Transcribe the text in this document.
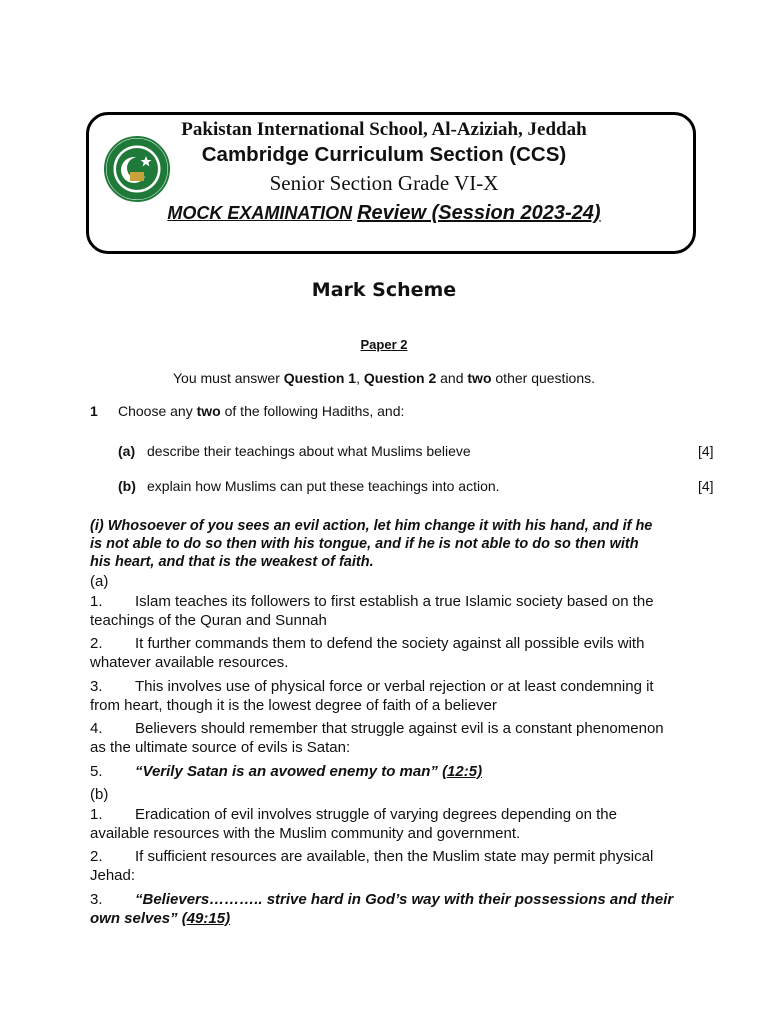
Pakistan International School, Al-Aziziah, Jeddah
Cambridge Curriculum Section (CCS)
Senior Section Grade VI-X
MOCK EXAMINATION Review (Session 2023-24)
Mark Scheme
Paper 2
You must answer Question 1, Question 2 and two other questions.
1 Choose any two of the following Hadiths, and:
(a) describe their teachings about what Muslims believe	[4]
(b) explain how Muslims can put these teachings into action.	[4]
(i) Whosoever of you sees an evil action, let him change it with his hand, and if he
is not able to do so then with his tongue, and if he is not able to do so then with
his heart, and that is the weakest of faith.
(a)
1. Islam teaches its followers to first establish a true Islamic society based on the
teachings of the Quran and Sunnah
2. It further commands them to defend the society against all possible evils with
whatever available resources.
3. This involves use of physical force or verbal rejection or at least condemning it
from heart, though it is the lowest degree of faith of a believer
4. Believers should remember that struggle against evil is a constant phenomenon
as the ultimate source of evils is Satan:
5. “Verily Satan is an avowed enemy to man” (12:5)
(b)
1. Eradication of evil involves struggle of varying degrees depending on the
available resources with the Muslim community and government.
2. If sufficient resources are available, then the Muslim state may permit physical
Jehad:
3. “Believers……….. strive hard in God’s way with their possessions and their
own selves” (49:15)
